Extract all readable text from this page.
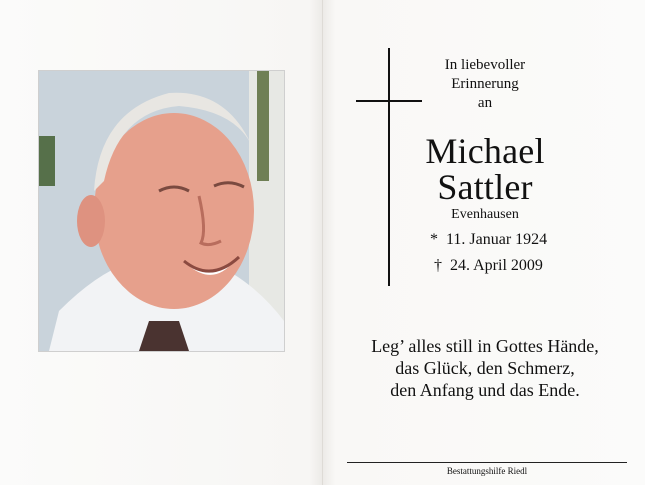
In liebevoller
Erinnerung
an
Michael
Sattler
Evenhausen
* 11. Januar 1924
† 24. April 2009
Leg’ alles still in Gottes Hände,
das Glück, den Schmerz,
den Anfang und das Ende.
Bestattungshilfe Riedl
